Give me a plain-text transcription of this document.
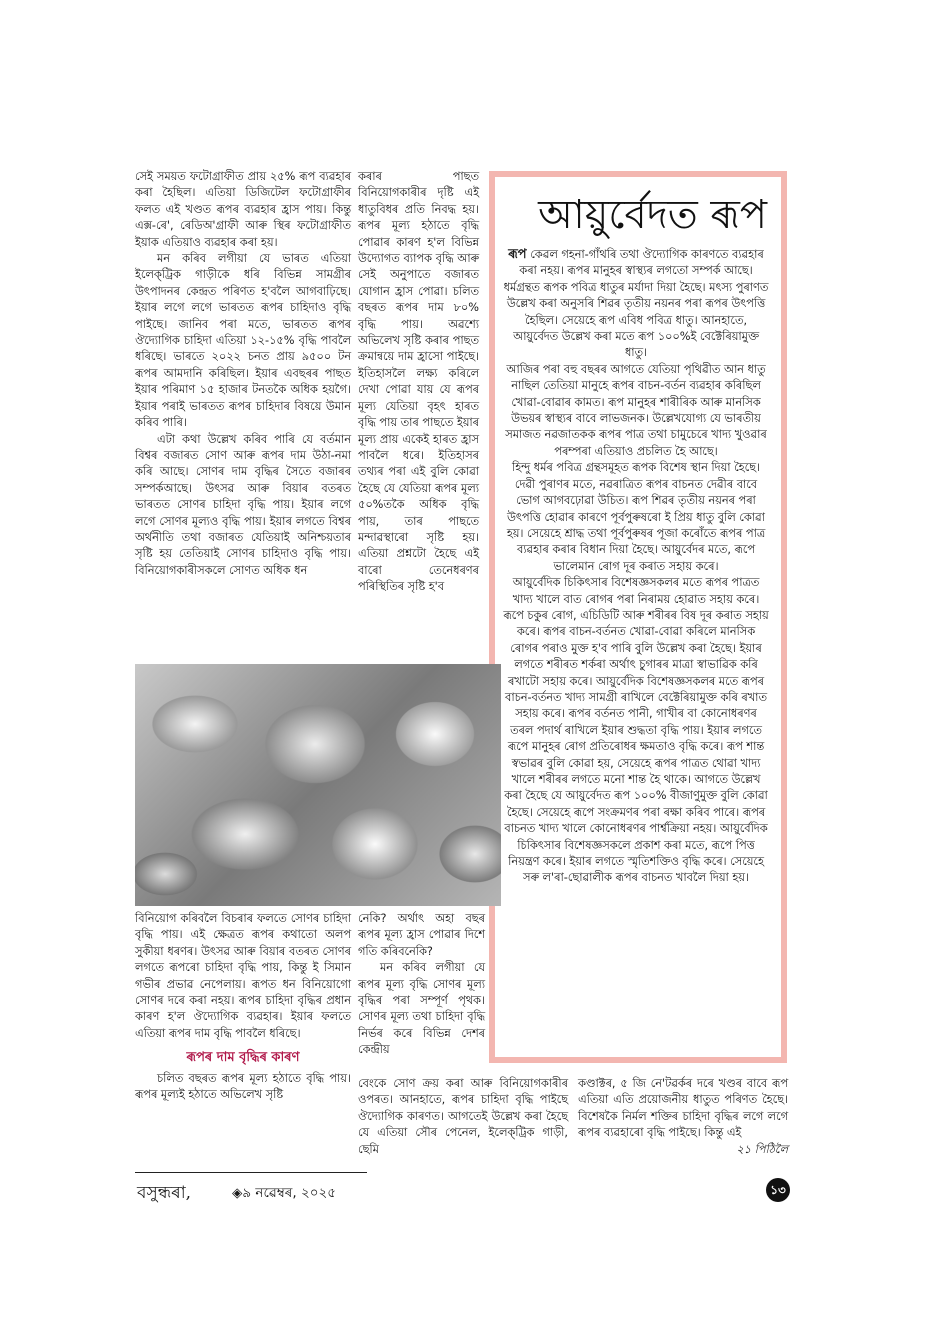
সেই সময়ত ফটোগ্ৰাফীত প্ৰায় ২৫% ৰূপ ব্যৱহাৰ কৰা হৈছিল। এতিয়া ডিজিটেল ফটোগ্ৰাফীৰ ফলত এই খণ্ডত ৰূপৰ ব্যৱহাৰ হ্ৰাস পায়। কিন্তু এক্স-ৰে', ৰেডিঅ'গ্ৰাফী আৰু স্থিৰ ফটোগ্ৰাফীত ইয়াক এতিয়াও ব্যৱহাৰ কৰা হয়।

মন কৰিব লগীয়া যে ভাৰত এতিয়া ইলেক্‌ট্ৰিক গাড়ীকে ধৰি বিভিন্ন সামগ্ৰীৰ উৎপাদনৰ কেন্দ্ৰত পৰিণত হ'বলৈ আগবাঢ়িছে। ইয়াৰ লগে লগে ভাৰতত ৰূপৰ চাহিদাও বৃদ্ধি পাইছে। জানিব পৰা মতে, ভাৰতত ৰূপৰ ঔদ্যোগিক চাহিদা এতিয়া ১২-১৫% বৃদ্ধি পাবলৈ ধৰিছে। ভাৰতে ২০২২ চনত প্ৰায় ৯৫০০ টন ৰূপৰ আমদানি কৰিছিল। ইয়াৰ এবছৰৰ পাছত ইয়াৰ পৰিমাণ ১৫ হাজাৰ টনতকৈ অধিক হয়গৈ। ইয়াৰ পৰাই ভাৰতত ৰূপৰ চাহিদাৰ বিষয়ে উমান কৰিব পাৰি।

এটা কথা উল্লেখ কৰিব পাৰি যে বৰ্তমান বিশ্বৰ বজাৰত সোণ আৰু ৰূপৰ দাম উঠা-নমা কৰি আছে। সোণৰ দাম বৃদ্ধিৰ সৈতে বজাৰৰ সম্পৰ্কআছে। উৎসৱ আৰু বিয়াৰ বতৰত ভাৰতত সোণৰ চাহিদা বৃদ্ধি পায়। ইয়াৰ লগে লগে সোণৰ মূল্যও বৃদ্ধি পায়। ইয়াৰ লগতে বিশ্বৰ অৰ্থনীতি তথা বজাৰত যেতিয়াই অনিশ্চয়তাৰ সৃষ্টি হয় তেতিয়াই সোণৰ চাহিদাও বৃদ্ধি পায়। বিনিয়োগকাৰীসকলে সোণত অধিক ধন

কৰাৰ পাছত বিনিয়োগকাৰীৰ দৃষ্টি এই ধাতুবিধৰ প্ৰতি নিবদ্ধ হয়। ৰূপৰ মূল্য হঠাতে বৃদ্ধি পোৱাৰ কাৰণ হ'ল বিভিন্ন উদ্যোগত ব্যাপক বৃদ্ধি আৰু সেই অনুপাতে বজাৰত যোগান হ্ৰাস পোৱা। চলিত বছৰত ৰূপৰ দাম ৮০% বৃদ্ধি পায়। অৱশ্যে অভিলেখ সৃষ্টি কৰাৰ পাছত ক্ৰমান্বয়ে দাম হ্ৰাসো পাইছে। ইতিহাসলৈ লক্ষ্য কৰিলে দেখা পোৱা যায় যে ৰূপৰ মূল্য যেতিয়া বৃহৎ হাৰত বৃদ্ধি পায় তাৰ পাছতে ইয়াৰ মূল্য প্ৰায় একেই হাৰত হ্ৰাস পাবলৈ ধৰে। ইতিহাসৰ তথ্যৰ পৰা এই বুলি কোৱা হৈছে যে যেতিয়া ৰূপৰ মূল্য ৫০%তকৈ অধিক বৃদ্ধি পায়, তাৰ পাছতে মন্দাৱস্থাৰো সৃষ্টি হয়। এতিয়া প্ৰশ্নটো হৈছে এই বাৰো তেনেধৰণৰ পৰিস্থিতিৰ সৃষ্টি হ'ব

আয়ুৰ্বেদত ৰূপ

ৰূপ কেৱল গহনা-গাঁথৰি তথা ঔদ্যোগিক কাৰণতে ব্যৱহাৰ কৰা নহয়। ৰূপৰ মানুহৰ স্বাস্থ্যৰ লগতো সম্পৰ্ক আছে। ধৰ্মগ্ৰন্থত ৰূপক পবিত্ৰ ধাতুৰ মৰ্যাদা দিয়া হৈছে। মৎস্য পুৰাণত উল্লেখ কৰা অনুসৰি শিৱৰ তৃতীয় নয়নৰ পৰা ৰূপৰ উৎপত্তি হৈছিল। সেয়েহে ৰূপ এবিধ পবিত্ৰ ধাতু। আনহাতে, আয়ুৰ্বেদত উল্লেখ কৰা মতে ৰূপ ১০০%ই বেক্টেৰিয়ামুক্ত ধাতু।

আজিৰ পৰা বহু বছৰৰ আগতে যেতিয়া পৃথিৱীত আন ধাতু নাছিল তেতিয়া মানুহে ৰূপৰ বাচন-বৰ্তন ব্যৱহাৰ কৰিছিল খোৱা-বোৱাৰ কামত। ৰূপ মানুহৰ শাৰীৰিক আৰু মানসিক উভয়ৰ স্বাস্থ্যৰ বাবে লাভজনক। উল্লেখযোগ্য যে ভাৰতীয় সমাজত নৱজাতকক ৰূপৰ পাত্ৰ তথা চামুচেৰে খাদ্য খুওৱাৰ পৰম্পৰা এতিয়াও প্ৰচলিত হৈ আছে।

হিন্দু ধৰ্মৰ পবিত্ৰ গ্ৰন্থসমূহত ৰূপক বিশেষ স্থান দিয়া হৈছে। দেৱী পুৰাণৰ মতে, নৱৰাত্ৰিত ৰূপৰ বাচনত দেৱীৰ বাবে ভোগ আগবঢ়োৱা উচিত। ৰূপ শিৱৰ তৃতীয় নয়নৰ পৰা উৎপত্তি হোৱাৰ কাৰণে পূৰ্বপুৰুষৰো ই প্ৰিয় ধাতু বুলি কোৱা হয়। সেয়েহে শ্ৰাদ্ধ তথা পূৰ্বপুৰুষৰ পূজা কৰোঁতে ৰূপৰ পাত্ৰ ব্যৱহাৰ কৰাৰ বিধান দিয়া হৈছে। আয়ুৰ্বেদৰ মতে, ৰূপে ভালেমান ৰোগ দূৰ কৰাত সহায় কৰে।

আয়ুৰ্বেদিক চিকিৎসাৰ বিশেষজ্ঞসকলৰ মতে ৰূপৰ পাত্ৰত খাদ্য খালে বাত ৰোগৰ পৰা নিৰাময় হোৱাত সহায় কৰে। ৰূপে চকুৰ ৰোগ, এচিডিটি আৰু শৰীৰৰ বিষ দূৰ কৰাত সহায় কৰে। ৰূপৰ বাচন-বৰ্তনত খোৱা-বোৱা কৰিলে মানসিক ৰোগৰ পৰাও মুক্ত হ'ব পাৰি বুলি উল্লেখ কৰা হৈছে। ইয়াৰ লগতে শৰীৰত শৰ্কৰা অৰ্থাৎ চুগাৰৰ মাত্ৰা স্বাভাৱিক কৰি ৰখাটো সহায় কৰে। আয়ুৰ্বেদিক বিশেষজ্ঞসকলৰ মতে ৰূপৰ বাচন-বৰ্তনত খাদ্য সামগ্ৰী ৰাখিলে বেক্টেৰিয়ামুক্ত কৰি ৰখাত সহায় কৰে। ৰূপৰ বৰ্তনত পানী, গাখীৰ বা কোনোধৰণৰ তৰল পদাৰ্থ ৰাখিলে ইয়াৰ শুদ্ধতা বৃদ্ধি পায়। ইয়াৰ লগতে ৰূপে মানুহৰ ৰোগ প্ৰতিৰোধৰ ক্ষমতাও বৃদ্ধি কৰে। ৰূপ শান্ত স্বভাৱৰ বুলি কোৱা হয়, সেয়েহে ৰূপৰ পাত্ৰত থোৱা খাদ্য খালে শৰীৰৰ লগতে মনো শান্ত হৈ থাকে। আগতে উল্লেখ কৰা হৈছে যে আয়ুৰ্বেদত ৰূপ ১০০% বীজাণুমুক্ত বুলি কোৱা হৈছে। সেয়েহে ৰূপে সংক্ৰমণৰ পৰা ৰক্ষা কৰিব পাৰে। ৰূপৰ বাচনত খাদ্য খালে কোনোধৰণৰ পাৰ্শ্বক্ৰিয়া নহয়। আয়ুৰ্বেদিক চিকিৎসাৰ বিশেষজ্ঞসকলে প্ৰকাশ কৰা মতে, ৰূপে পিত্ত নিয়ন্ত্ৰণ কৰে। ইয়াৰ লগতে স্মৃতিশক্তিও বৃদ্ধি কৰে। সেয়েহে সৰু ল'ৰা-ছোৱালীক ৰূপৰ বাচনত খাবলৈ দিয়া হয়।

বিনিয়োগ কৰিবলৈ বিচৰাৰ ফলতে সোণৰ চাহিদা বৃদ্ধি পায়। এই ক্ষেত্ৰত ৰূপৰ কথাতো অলপ সুকীয়া ধৰণৰ। উৎসৱ আৰু বিয়াৰ বতৰত সোণৰ লগতে ৰূপৰো চাহিদা বৃদ্ধি পায়, কিন্তু ই সিমান গভীৰ প্ৰভাৱ নেপেলায়। ৰূপত ধন বিনিয়োগো সোণৰ দৰে কৰা নহয়। ৰূপৰ চাহিদা বৃদ্ধিৰ প্ৰধান কাৰণ হ'ল ঔদ্যোগিক ব্যৱহাৰ। ইয়াৰ ফলতে এতিয়া ৰূপৰ দাম বৃদ্ধি পাবলৈ ধৰিছে।

ৰূপৰ দাম বৃদ্ধিৰ কাৰণ

চলিত বছৰত ৰূপৰ মূল্য হঠাতে বৃদ্ধি পায়। ৰূপৰ মূল্যই হঠাতে অভিলেখ সৃষ্টি

নেকি? অৰ্থাৎ অহা বছৰ ৰূপৰ মূল্য হ্ৰাস পোৱাৰ দিশে গতি কৰিবনেকি?

মন কৰিব লগীয়া যে ৰূপৰ মূল্য বৃদ্ধি সোণৰ মূল্য বৃদ্ধিৰ পৰা সম্পূৰ্ণ পৃথক। সোণৰ মূল্য তথা চাহিদা বৃদ্ধি নিৰ্ভৰ কৰে বিভিন্ন দেশৰ কেন্দ্ৰীয়

বেংকে সোণ ক্ৰয় কৰা আৰু বিনিয়োগকাৰীৰ ওপৰত। আনহাতে, ৰূপৰ চাহিদা বৃদ্ধি পাইছে ঔদ্যোগিক কাৰণত। আগতেই উল্লেখ কৰা হৈছে যে এতিয়া সৌৰ পেনেল, ইলেক্‌ট্ৰিক গাড়ী, ছেমি

কণ্ডাক্টৰ, ৫ জি নে'টৱৰ্কৰ দৰে খণ্ডৰ বাবে ৰূপ এতিয়া এতি প্ৰয়োজনীয় ধাতুত পৰিণত হৈছে। বিশেষকৈ নিৰ্মল শক্তিৰ চাহিদা বৃদ্ধিৰ লগে লগে ৰূপৰ ব্যৱহাৰো বৃদ্ধি পাইছে। কিন্তু এই
২১ পিঠিলৈ

বসুন্ধৰা,	◈৯ নৱেম্বৰ, ২০২৫	১৩
